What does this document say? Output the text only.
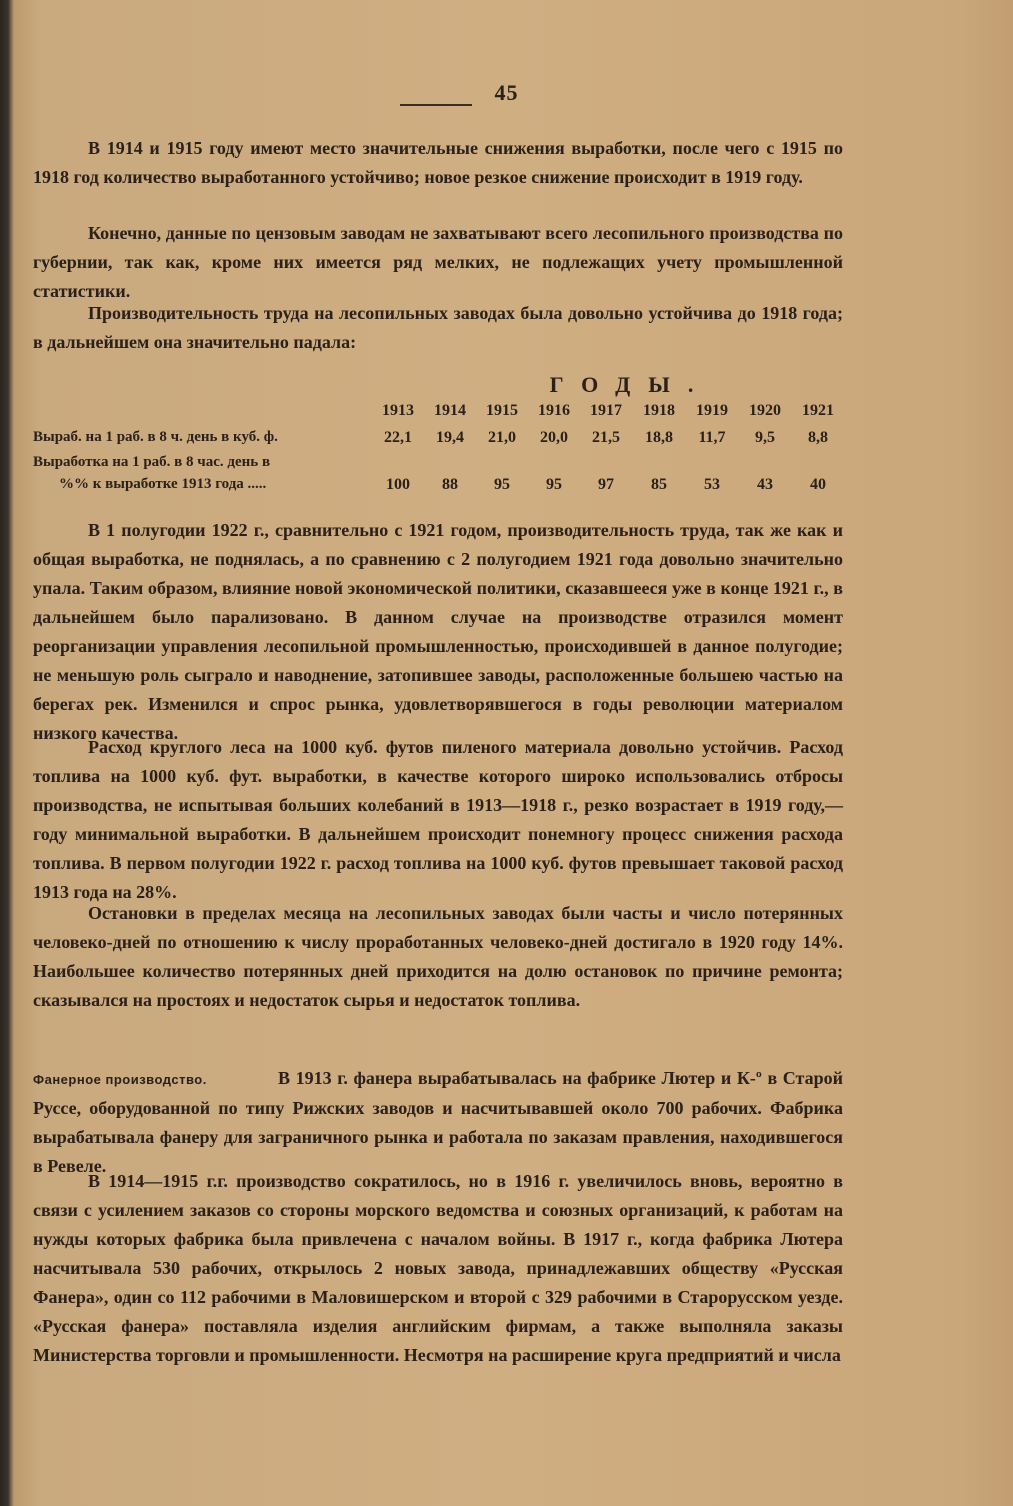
45

В 1914 и 1915 году имеют место значительные снижения выработки, после чего с 1915 по 1918 год количество выработанного устойчиво; новое резкое снижение происходит в 1919 году.

Конечно, данные по цензовым заводам не захватывают всего лесопильного производства по губернии, так как, кроме них имеется ряд мелких, не подлежащих учету промышленной статистики.

Производительность труда на лесопильных заводах была довольно устойчива до 1918 года; в дальнейшем она значительно падала:

ГОДЫ.
1913	1914	1915	1916	1917	1918	1919	1920	1921
Выраб. на 1 раб. в 8 ч. день в куб. ф.	22,1	19,4	21,0	20,0	21,5	18,8	11,7	9,5	8,8
Выработка на 1 раб. в 8 час. день в
%% к выработке 1913 года .....	100	88	95	95	97	85	53	43	40

В 1 полугодии 1922 г., сравнительно с 1921 годом, производительность труда, так же как и общая выработка, не поднялась, а по сравнению с 2 полугодием 1921 года довольно значительно упала. Таким образом, влияние новой экономической политики, сказавшееся уже в конце 1921 г., в дальнейшем было парализовано. В данном случае на производстве отразился момент реорганизации управления лесопильной промышленностью, происходившей в данное полугодие; не меньшую роль сыграло и наводнение, затопившее заводы, расположенные большею частью на берегах рек. Изменился и спрос рынка, удовлетворявшегося в годы революции материалом низкого качества.

Расход круглого леса на 1000 куб. футов пиленого материала довольно устойчив. Расход топлива на 1000 куб. фут. выработки, в качестве которого широко использовались отбросы производства, не испытывая больших колебаний в 1913—1918 г., резко возрастает в 1919 году,—году минимальной выработки. В дальнейшем происходит понемногу процесс снижения расхода топлива. В первом полугодии 1922 г. расход топлива на 1000 куб. футов превышает таковой расход 1913 года на 28%.

Остановки в пределах месяца на лесопильных заводах были часты и число потерянных человеко-дней по отношению к числу проработанных человеко-дней достигало в 1920 году 14%. Наибольшее количество потерянных дней приходится на долю остановок по причине ремонта; сказывался на простоях и недостаток сырья и недостаток топлива.

Фанерное производство.	В 1913 г. фанера вырабатывалась на фабрике Лютер и К-º в Старой Руссе, оборудованной по типу Рижских заводов и насчитывавшей около 700 рабочих. Фабрика вырабатывала фанеру для заграничного рынка и работала по заказам правления, находившегося в Ревеле.

В 1914—1915 г.г. производство сократилось, но в 1916 г. увеличилось вновь, вероятно в связи с усилением заказов со стороны морского ведомства и союзных организаций, к работам на нужды которых фабрика была привлечена с началом войны. В 1917 г., когда фабрика Лютера насчитывала 530 рабочих, открылось 2 новых завода, принадлежавших обществу «Русская Фанера», один со 112 рабочими в Маловишерском и второй с 329 рабочими в Старорусском уезде. «Русская фанера» поставляла изделия английским фирмам, а также выполняла заказы Министерства торговли и промышленности. Несмотря на расширение круга предприятий и числа
